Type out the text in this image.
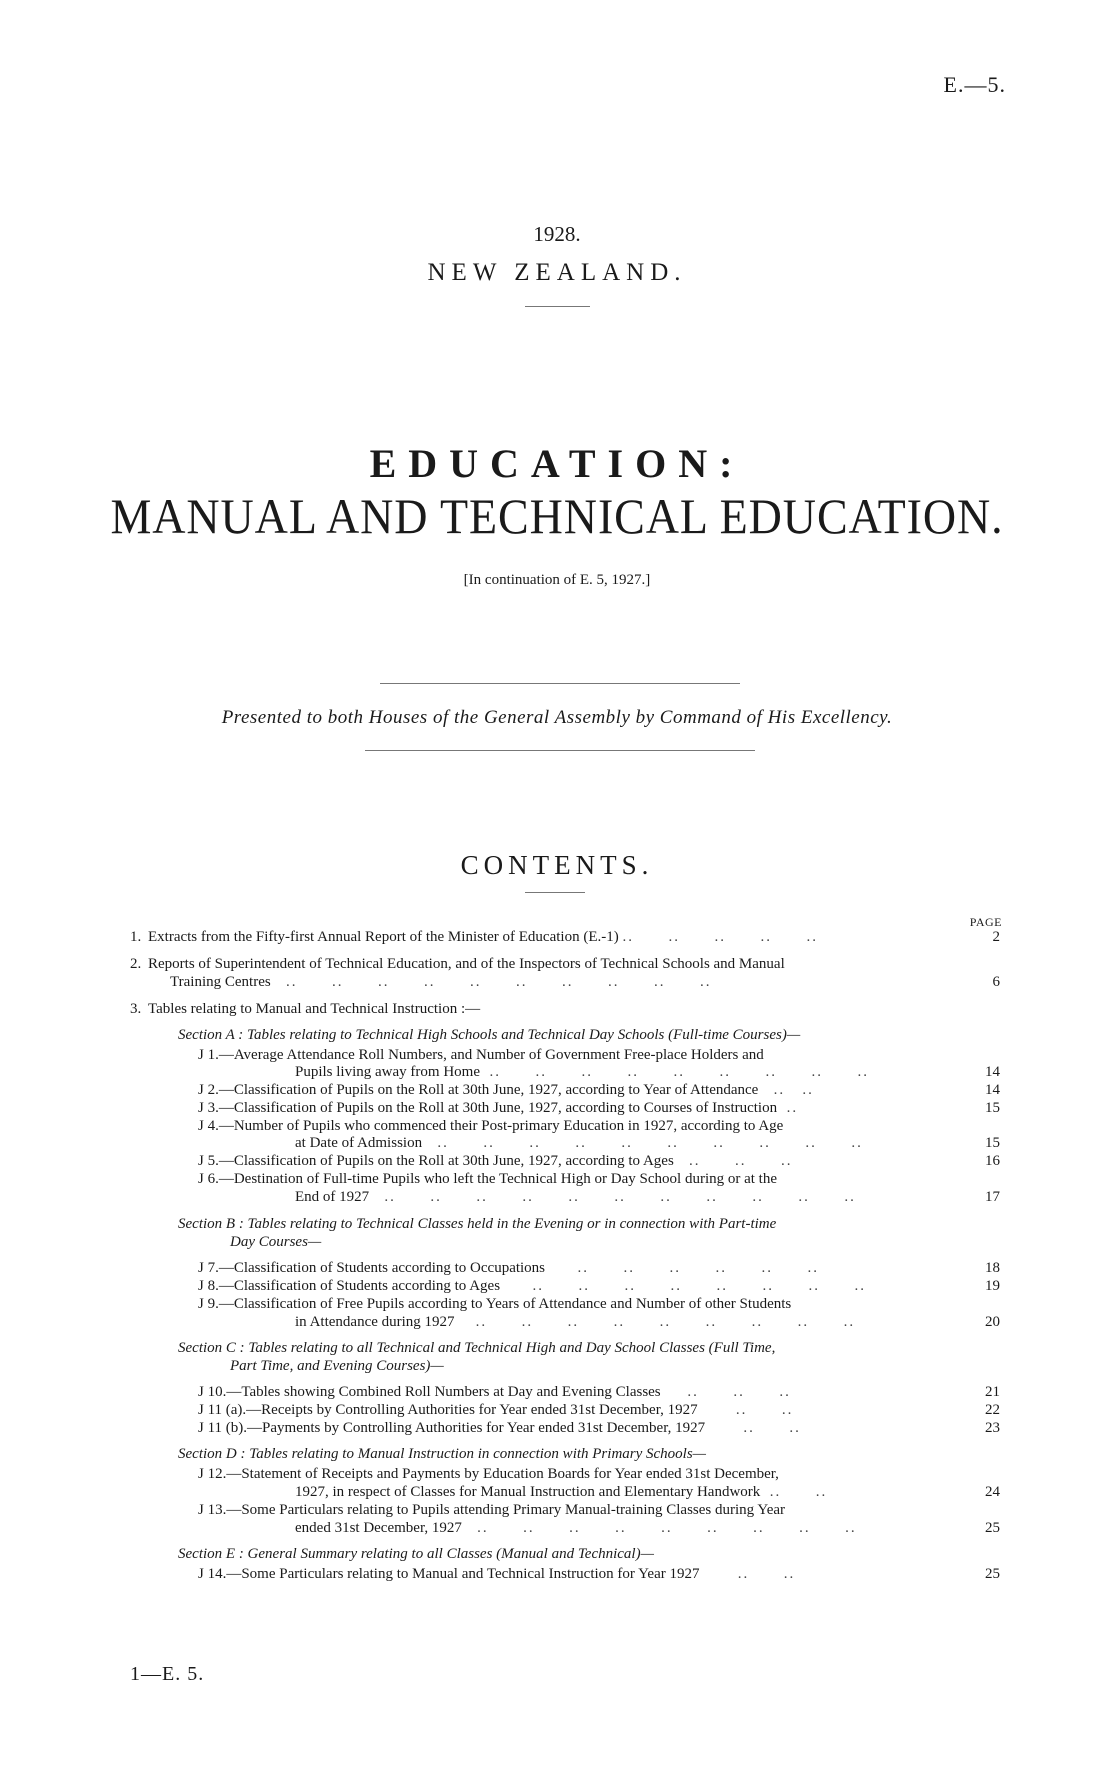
E.—5.
1928.
NEW ZEALAND.
EDUCATION:
MANUAL AND TECHNICAL EDUCATION.
[In continuation of E. 5, 1927.]
Presented to both Houses of the General Assembly by Command of His Excellency.
CONTENTS.
PAGE
1. Extracts from the Fifty-first Annual Report of the Minister of Education (E.-1) ..      ..      ..      ..      ..	2
2. Reports of Superintendent of Technical Education, and of the Inspectors of Technical Schools and Manual
Training Centres   ..      ..      ..      ..      ..      ..      ..      ..      ..      ..	6
3. Tables relating to Manual and Technical Instruction :—
Section A : Tables relating to Technical High Schools and Technical Day Schools (Full-time Courses)—
J 1.—Average Attendance Roll Numbers, and Number of Government Free-place Holders and
Pupils living away from Home  ..      ..      ..      ..      ..      ..      ..      ..      ..	14
J 2.—Classification of Pupils on the Roll at 30th June, 1927, according to Year of Attendance   ..   ..	14
J 3.—Classification of Pupils on the Roll at 30th June, 1927, according to Courses of Instruction  ..	15
J 4.—Number of Pupils who commenced their Post-primary Education in 1927, according to Age
at Date of Admission   ..      ..      ..      ..      ..      ..      ..      ..      ..      ..	15
J 5.—Classification of Pupils on the Roll at 30th June, 1927, according to Ages   ..      ..      ..	16
J 6.—Destination of Full-time Pupils who left the Technical High or Day School during or at the
End of 1927   ..      ..      ..      ..      ..      ..      ..      ..      ..      ..      ..	17
Section B : Tables relating to Technical Classes held in the Evening or in connection with Part-time
Day Courses—
J 7.—Classification of Students according to Occupations      ..      ..      ..      ..      ..      ..	18
J 8.—Classification of Students according to Ages      ..      ..      ..      ..      ..      ..      ..      ..	19
J 9.—Classification of Free Pupils according to Years of Attendance and Number of other Students
in Attendance during 1927    ..      ..      ..      ..      ..      ..      ..      ..      ..	20
Section C : Tables relating to all Technical and Technical High and Day School Classes (Full Time,
Part Time, and Evening Courses)—
J 10.—Tables showing Combined Roll Numbers at Day and Evening Classes     ..      ..      ..	21
J 11 (a).—Receipts by Controlling Authorities for Year ended 31st December, 1927       ..      ..	22
J 11 (b).—Payments by Controlling Authorities for Year ended 31st December, 1927       ..      ..	23
Section D : Tables relating to Manual Instruction in connection with Primary Schools—
J 12.—Statement of Receipts and Payments by Education Boards for Year ended 31st December,
1927, in respect of Classes for Manual Instruction and Elementary Handwork  ..      ..	24
J 13.—Some Particulars relating to Pupils attending Primary Manual-training Classes during Year
ended 31st December, 1927   ..      ..      ..      ..      ..      ..      ..      ..      ..	25
Section E : General Summary relating to all Classes (Manual and Technical)—
J 14.—Some Particulars relating to Manual and Technical Instruction for Year 1927       ..      ..	25
1—E. 5.
